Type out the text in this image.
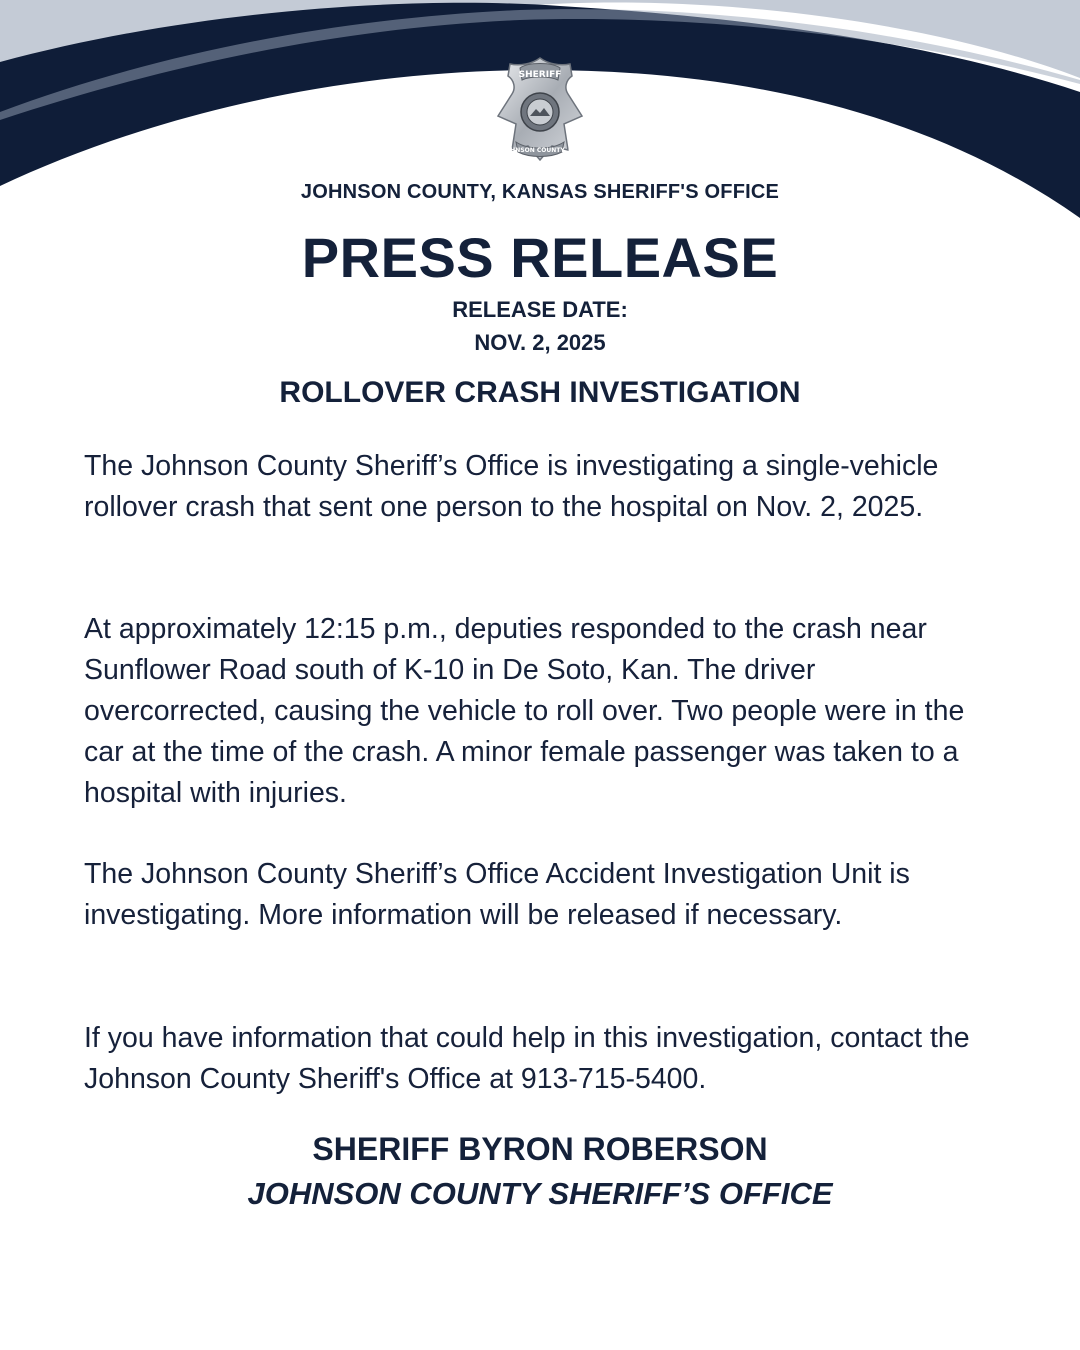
SHERIFF
JOHNSON COUNTY, KS
JOHNSON COUNTY, KANSAS SHERIFF'S OFFICE
PRESS RELEASE
RELEASE DATE:
NOV. 2, 2025
ROLLOVER CRASH INVESTIGATION
The Johnson County Sheriff’s Office is investigating a single-vehicle rollover crash that sent one person to the hospital on Nov. 2, 2025.
At approximately 12:15 p.m., deputies responded to the crash near Sunflower Road south of K-10 in De Soto, Kan. The driver overcorrected, causing the vehicle to roll over. Two people were in the car at the time of the crash. A minor female passenger was taken to a hospital with injuries.
The Johnson County Sheriff’s Office Accident Investigation Unit is investigating. More information will be released if necessary.
If you have information that could help in this investigation, contact the Johnson County Sheriff's Office at 913-715-5400.
SHERIFF BYRON ROBERSON
JOHNSON COUNTY SHERIFF’S OFFICE
